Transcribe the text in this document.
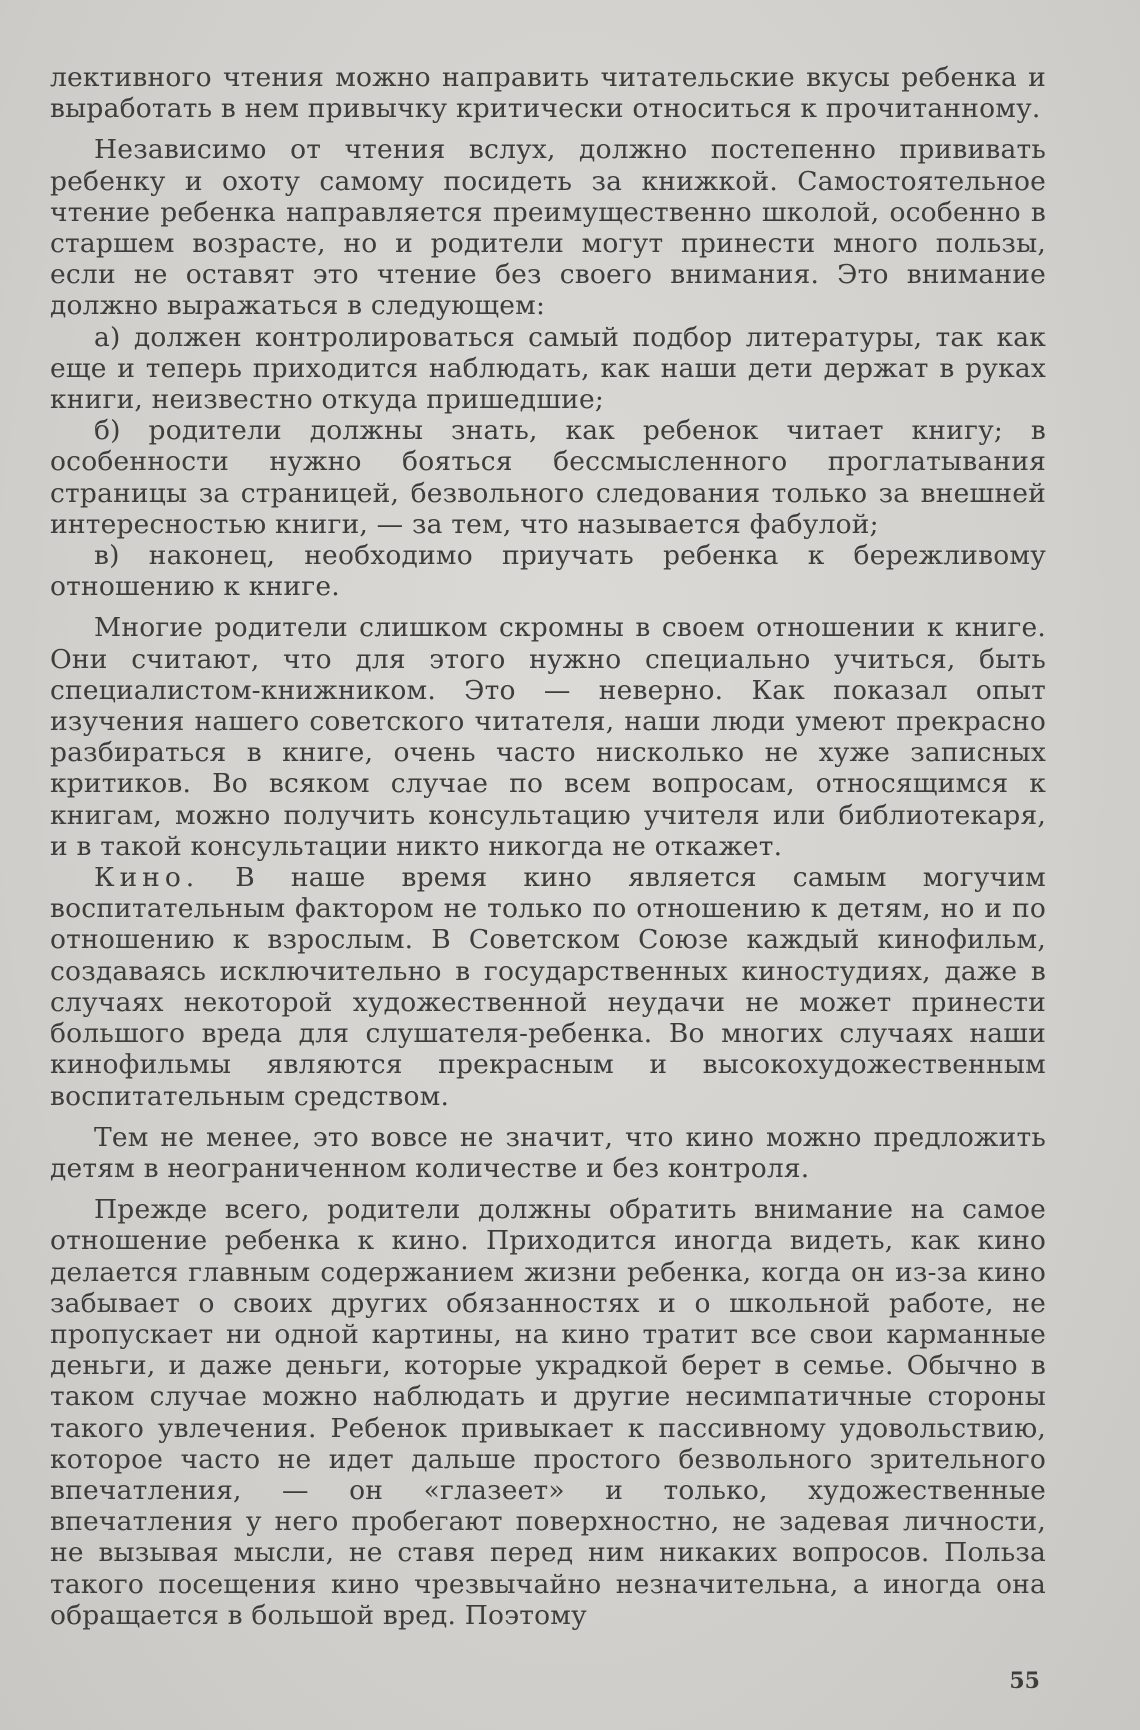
лективного чтения можно направить читательские вкусы ребенка и выработать в нем привычку критически относиться к прочитанному.

Независимо от чтения вслух, должно постепенно прививать ребенку и охоту самому посидеть за книжкой. Самостоятельное чтение ребенка направляется преимущественно школой, особенно в старшем возрасте, но и родители могут принести много пользы, если не оставят это чтение без своего внимания. Это внимание должно выражаться в следующем:

а) должен контролироваться самый подбор литературы, так как еще и теперь приходится наблюдать, как наши дети держат в руках книги, неизвестно откуда пришедшие;

б) родители должны знать, как ребенок читает книгу; в особенности нужно бояться бессмысленного проглатывания страницы за страницей, безвольного следования только за внешней интересностью книги, — за тем, что называется фабулой;

в) наконец, необходимо приучать ребенка к бережливому отношению к книге.

Многие родители слишком скромны в своем отношении к книге. Они считают, что для этого нужно специально учиться, быть специалистом-книжником. Это — неверно. Как показал опыт изучения нашего советского читателя, наши люди умеют прекрасно разбираться в книге, очень часто нисколько не хуже записных критиков. Во всяком случае по всем вопросам, относящимся к книгам, можно получить консультацию учителя или библиотекаря, и в такой консультации никто никогда не откажет.

Кино. В наше время кино является самым могучим воспитательным фактором не только по отношению к детям, но и по отношению к взрослым. В Советском Союзе каждый кинофильм, создаваясь исключительно в государственных киностудиях, даже в случаях некоторой художественной неудачи не может принести большого вреда для слушателя-ребенка. Во многих случаях наши кинофильмы являются прекрасным и высокохудожественным воспитательным средством.

Тем не менее, это вовсе не значит, что кино можно предложить детям в неограниченном количестве и без контроля.

Прежде всего, родители должны обратить внимание на самое отношение ребенка к кино. Приходится иногда видеть, как кино делается главным содержанием жизни ребенка, когда он из-за кино забывает о своих других обязанностях и о школьной работе, не пропускает ни одной картины, на кино тратит все свои карманные деньги, и даже деньги, которые украдкой берет в семье. Обычно в таком случае можно наблюдать и другие несимпатичные стороны такого увлечения. Ребенок привыкает к пассивному удовольствию, которое часто не идет дальше простого безвольного зрительного впечатления, — он «глазеет» и только, художественные впечатления у него пробегают поверхностно, не задевая личности, не вызывая мысли, не ставя перед ним никаких вопросов. Польза такого посещения кино чрезвычайно незначительна, а иногда она обращается в большой вред. Поэтому

55
